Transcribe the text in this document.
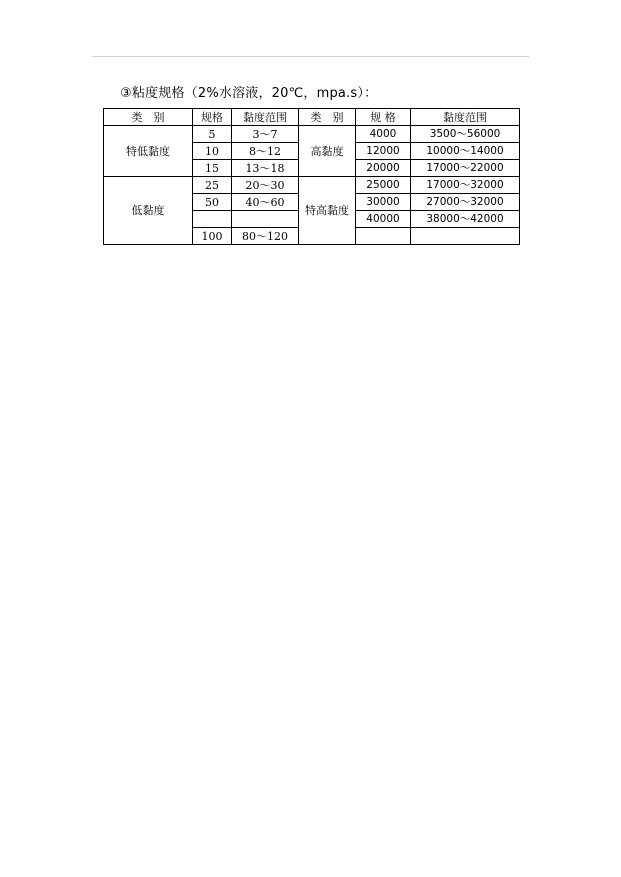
③粘度规格（2%水溶液，20℃，mpa.s）：
类　别	规格	黏度范围	类　别	规 格	黏度范围
特低黏度	5	3～7	高黏度	4000	3500～56000
	10	8～12		12000	10000～14000
	15	13～18		20000	17000～22000
低黏度	25	20～30	特高黏度	25000	17000～32000
	50	40～60		30000	27000～32000
				40000	38000～42000
	100	80～120			
